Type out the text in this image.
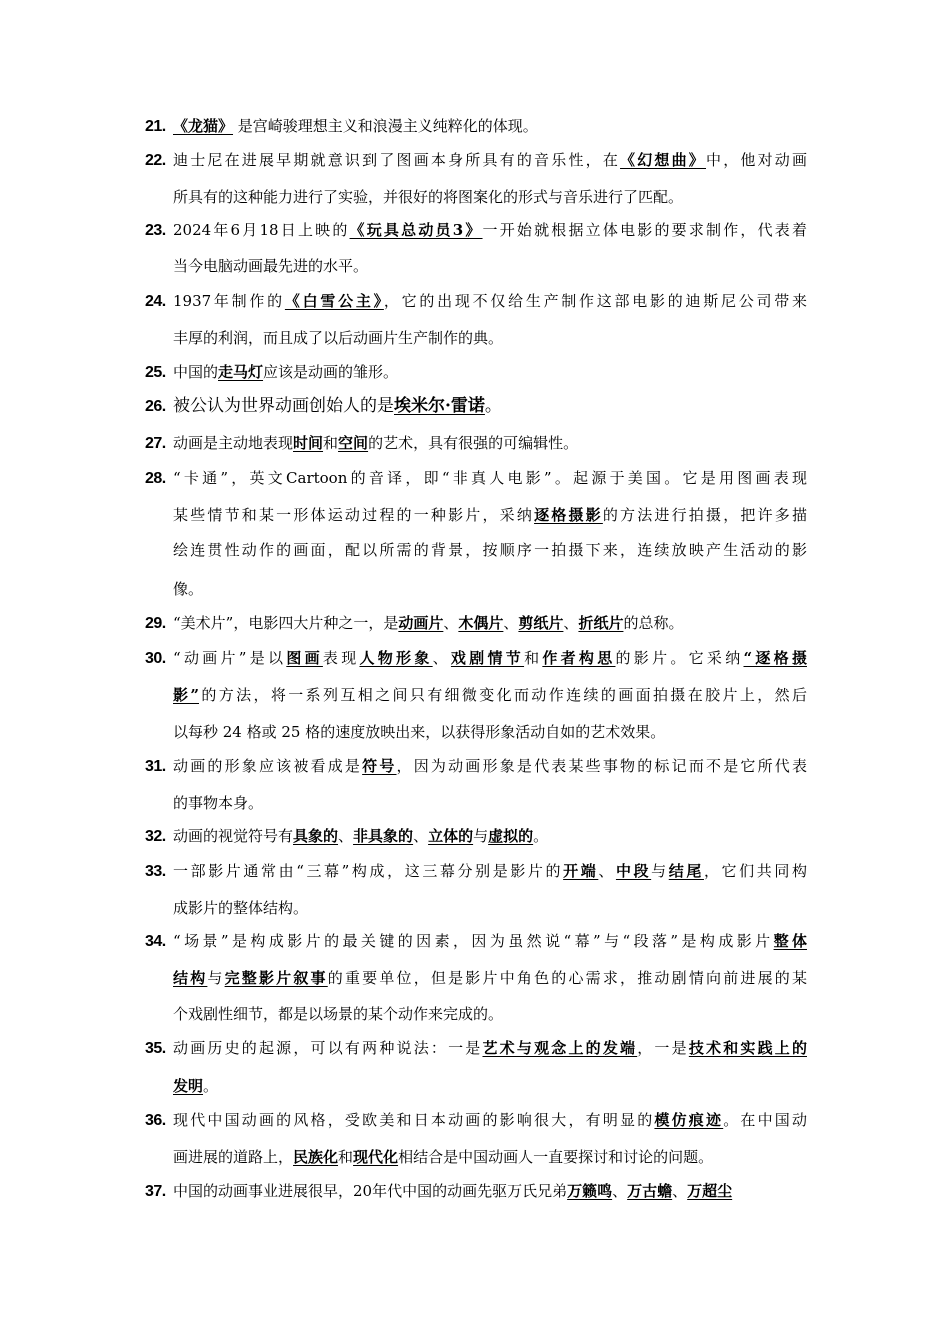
21. 《龙猫》 是宫崎骏理想主义和浪漫主义纯粹化的体现。
22. 迪士尼在进展早期就意识到了图画本身所具有的音乐性，在《幻想曲》中，他对动画
所具有的这种能力进行了实验，并很好的将图案化的形式与音乐进行了匹配。
23. 2024年6月18日上映的《玩具总动员3》一开始就根据立体电影的要求制作，代表着
当今电脑动画最先进的水平。
24. 1937年制作的《白雪公主》，它的出现不仅给生产制作这部电影的迪斯尼公司带来
丰厚的利润，而且成了以后动画片生产制作的典。
25. 中国的走马灯应该是动画的雏形。
26. 被公认为世界动画创始人的是埃米尔·雷诺。
27. 动画是主动地表现时间和空间的艺术，具有很强的可编辑性。
28. “卡通”，英文Cartoon的音译，即“非真人电影”。起源于美国。它是用图画表现
某些情节和某一形体运动过程的一种影片，采纳逐格摄影的方法进行拍摄，把许多描
绘连贯性动作的画面，配以所需的背景，按顺序一拍摄下来，连续放映产生活动的影
像。
29. “美术片”，电影四大片种之一，是动画片、木偶片、剪纸片、折纸片的总称。
30. “动画片”是以图画表现人物形象、戏剧情节和作者构思的影片。它采纳“逐格摄
影”的方法，将一系列互相之间只有细微变化而动作连续的画面拍摄在胶片上，然后
以每秒 24 格或 25 格的速度放映出来，以获得形象活动自如的艺术效果。
31. 动画的形象应该被看成是符号，因为动画形象是代表某些事物的标记而不是它所代表
的事物本身。
32. 动画的视觉符号有具象的、非具象的、立体的与虚拟的。
33. 一部影片通常由“三幕”构成，这三幕分别是影片的开端、中段与结尾，它们共同构
成影片的整体结构。
34. “场景”是构成影片的最关键的因素，因为虽然说“幕”与“段落”是构成影片整体
结构与完整影片叙事的重要单位，但是影片中角色的心需求，推动剧情向前进展的某
个戏剧性细节，都是以场景的某个动作来完成的。
35. 动画历史的起源，可以有两种说法：一是艺术与观念上的发端，一是技术和实践上的
发明。
36. 现代中国动画的风格，受欧美和日本动画的影响很大，有明显的模仿痕迹。在中国动
画进展的道路上，民族化和现代化相结合是中国动画人一直要探讨和讨论的问题。
37. 中国的动画事业进展很早，20年代中国的动画先驱万氏兄弟万籁鸣、万古蟾、万超尘
